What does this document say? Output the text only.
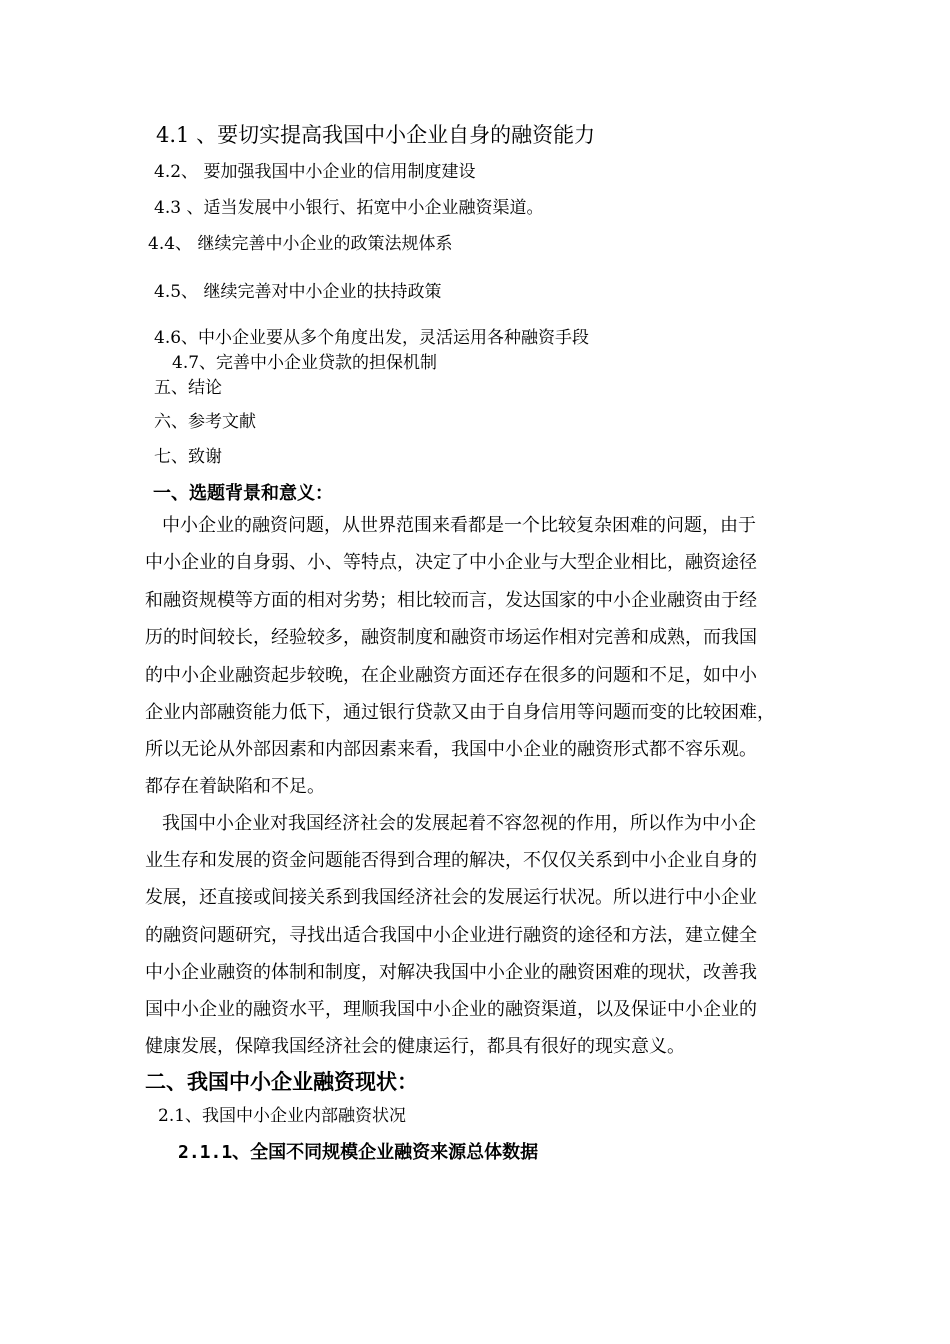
4.1 、要切实提高我国中小企业自身的融资能力
4.2、 要加强我国中小企业的信用制度建设
4.3 、适当发展中小银行、拓宽中小企业融资渠道。
4.4、 继续完善中小企业的政策法规体系
4.5、 继续完善对中小企业的扶持政策
4.6、中小企业要从多个角度出发，灵活运用各种融资手段
4.7、完善中小企业贷款的担保机制
五、结论
六、参考文献
七、致谢
一、选题背景和意义：
中小企业的融资问题，从世界范围来看都是一个比较复杂困难的问题，由于
中小企业的自身弱、小、等特点，决定了中小企业与大型企业相比，融资途径
和融资规模等方面的相对劣势；相比较而言，发达国家的中小企业融资由于经
历的时间较长，经验较多，融资制度和融资市场运作相对完善和成熟，而我国
的中小企业融资起步较晚，在企业融资方面还存在很多的问题和不足，如中小
企业内部融资能力低下，通过银行贷款又由于自身信用等问题而变的比较困难，
所以无论从外部因素和内部因素来看，我国中小企业的融资形式都不容乐观。
都存在着缺陷和不足。
我国中小企业对我国经济社会的发展起着不容忽视的作用，所以作为中小企
业生存和发展的资金问题能否得到合理的解决，不仅仅关系到中小企业自身的
发展，还直接或间接关系到我国经济社会的发展运行状况。所以进行中小企业
的融资问题研究，寻找出适合我国中小企业进行融资的途径和方法，建立健全
中小企业融资的体制和制度，对解决我国中小企业的融资困难的现状，改善我
国中小企业的融资水平，理顺我国中小企业的融资渠道，以及保证中小企业的
健康发展，保障我国经济社会的健康运行，都具有很好的现实意义。
二、我国中小企业融资现状：
2.1、我国中小企业内部融资状况
2.1.1、全国不同规模企业融资来源总体数据
